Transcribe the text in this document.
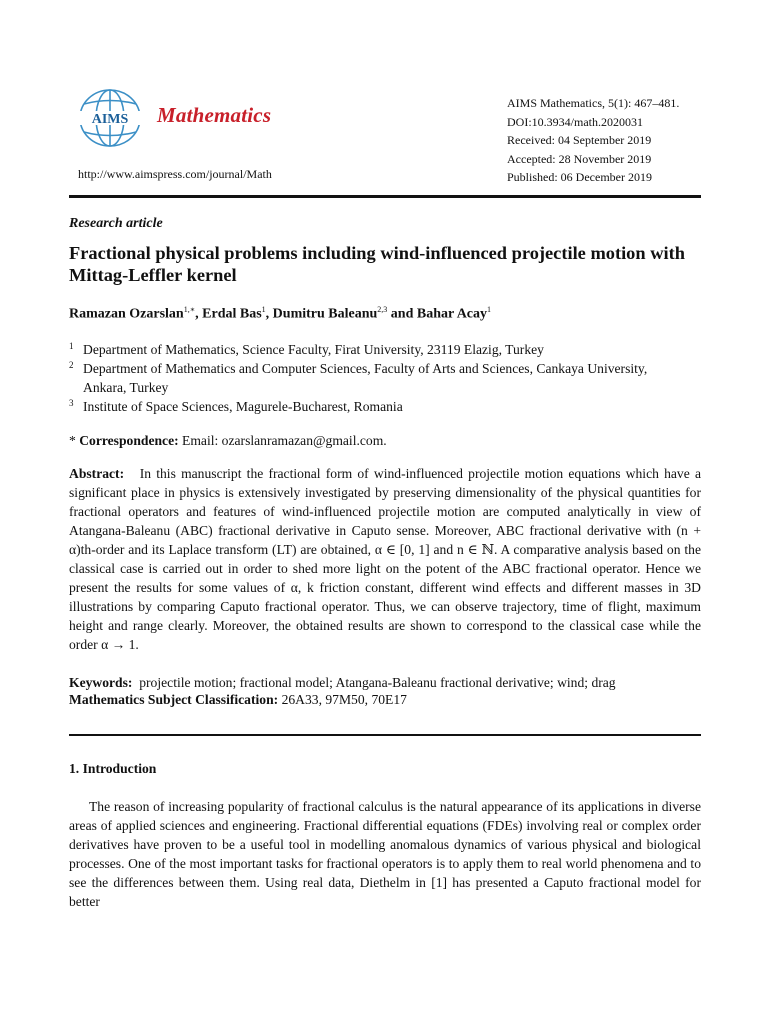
AIMS Mathematics
http://www.aimspress.com/journal/Math
AIMS Mathematics, 5(1): 467–481.
DOI:10.3934/math.2020031
Received: 04 September 2019
Accepted: 28 November 2019
Published: 06 December 2019
Research article
Fractional physical problems including wind-influenced projectile motion with Mittag-Leffler kernel
Ramazan Ozarslan$^{1,∗}$, Erdal Bas$^1$, Dumitru Baleanu$^{2,3}$ and Bahar Acay$^1$
1 Department of Mathematics, Science Faculty, Firat University, 23119 Elazig, Turkey
2 Department of Mathematics and Computer Sciences, Faculty of Arts and Sciences, Cankaya University, Ankara, Turkey
3 Institute of Space Sciences, Magurele-Bucharest, Romania
* Correspondence: Email: ozarslanramazan@gmail.com.
Abstract: In this manuscript the fractional form of wind-influenced projectile motion equations which have a significant place in physics is extensively investigated by preserving dimensionality of the physical quantities for fractional operators and features of wind-influenced projectile motion are computed analytically in view of Atangana-Baleanu (ABC) fractional derivative in Caputo sense. Moreover, ABC fractional derivative with (n + α)th-order and its Laplace transform (LT) are obtained, α ∈ [0, 1] and n ∈ ℕ. A comparative analysis based on the classical case is carried out in order to shed more light on the potent of the ABC fractional operator. Hence we present the results for some values of α, k friction constant, different wind effects and different masses in 3D illustrations by comparing Caputo fractional operator. Thus, we can observe trajectory, time of flight, maximum height and range clearly. Moreover, the obtained results are shown to correspond to the classical case while the order α → 1.
Keywords: projectile motion; fractional model; Atangana-Baleanu fractional derivative; wind; drag
Mathematics Subject Classification: 26A33, 97M50, 70E17
1. Introduction
The reason of increasing popularity of fractional calculus is the natural appearance of its applications in diverse areas of applied sciences and engineering. Fractional differential equations (FDEs) involving real or complex order derivatives have proven to be a useful tool in modelling anomalous dynamics of various physical and biological processes. One of the most important tasks for fractional operators is to apply them to real world phenomena and to see the differences between them. Using real data, Diethelm in [1] has presented a Caputo fractional model for better
